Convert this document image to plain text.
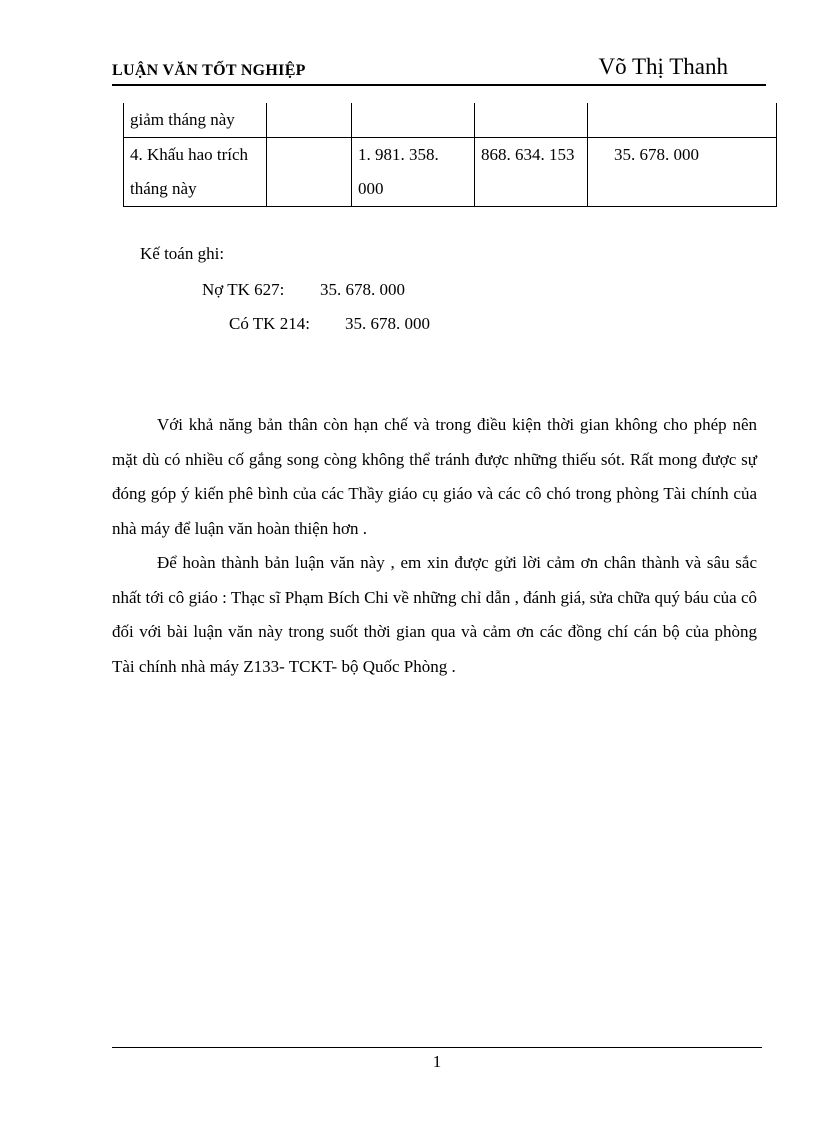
LUẬN VĂN TỐT NGHIỆP	Võ Thị Thanh
giảm tháng này				
4. Khấu hao trích tháng này		1. 981. 358. 000	868. 634. 153	35. 678. 000
Kế toán ghi:
Nợ TK 627: 35. 678. 000
Có TK 214: 35. 678. 000

Với khả năng bản thân còn hạn chế và trong điều kiện thời gian không cho phép nên mặt dù có nhiều cố gắng song còng không thể tránh được những thiếu sót. Rất mong được sự đóng góp ý kiến phê bình của các Thầy giáo cụ giáo và các cô chó trong phòng Tài chính của nhà máy để luận văn hoàn thiện hơn .

Để hoàn thành bản luận văn này , em xin được gửi lời cảm ơn chân thành và sâu sắc nhất tới cô giáo : Thạc sĩ Phạm Bích Chi về những chỉ dẫn , đánh giá, sửa chữa quý báu của cô đối với bài luận văn này trong suốt thời gian qua và cảm ơn các đồng chí cán bộ của phòng Tài chính nhà máy Z133- TCKT- bộ Quốc Phòng .

1
